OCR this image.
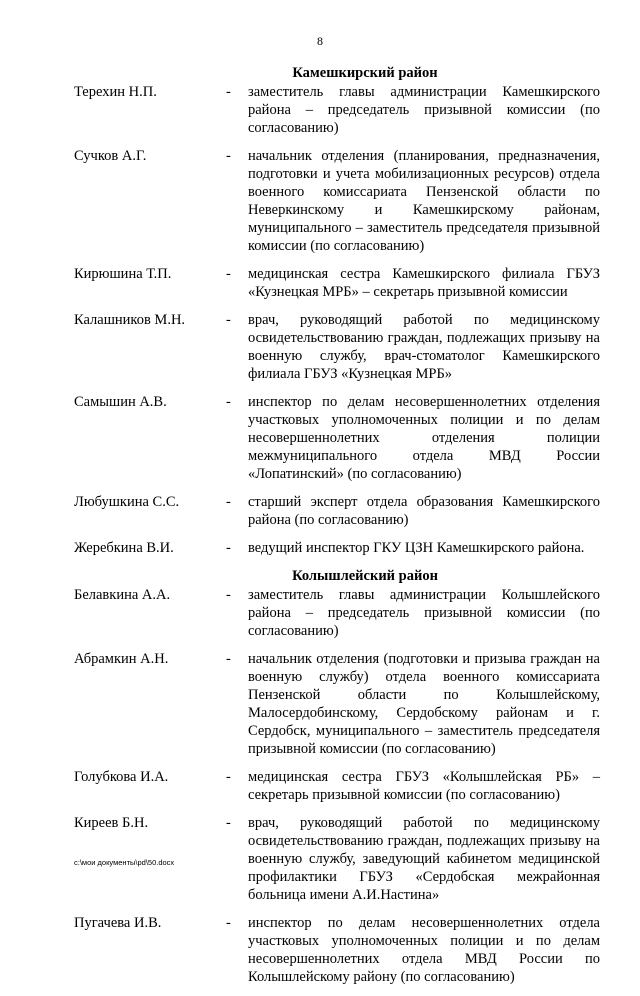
8
Камешкирский район
Терехин Н.П.	-	заместитель главы администрации Камешкирского района – председатель призывной комиссии (по согласованию)
Сучков А.Г.	-	начальник отделения (планирования, предназначения, подготовки и учета мобилизационных ресурсов) отдела военного комиссариата Пензенской области по Неверкинскому и Камешкирскому районам, муниципального – заместитель председателя призывной комиссии (по согласованию)
Кирюшина Т.П.	-	медицинская сестра Камешкирского филиала ГБУЗ «Кузнецкая МРБ» – секретарь призывной комиссии
Калашников М.Н.	-	врач, руководящий работой по медицинскому освидетельствованию граждан, подлежащих призыву на военную службу, врач-стоматолог Камешкирского филиала ГБУЗ «Кузнецкая МРБ»
Самышин А.В.	-	инспектор по делам несовершеннолетних отделения участковых уполномоченных полиции и по делам несовершеннолетних отделения полиции межмуниципального отдела МВД России «Лопатинский» (по согласованию)
Любушкина С.С.	-	старший эксперт отдела образования Камешкирского района (по согласованию)
Жеребкина В.И.	-	ведущий инспектор ГКУ ЦЗН Камешкирского района.
Колышлейский район
Белавкина А.А.	-	заместитель главы администрации Колышлейского района – председатель призывной комиссии (по согласованию)
Абрамкин А.Н.	-	начальник отделения (подготовки и призыва граждан на военную службу) отдела военного комиссариата Пензенской области по Колышлейскому, Малосердобинскому, Сердобскому районам и г. Сердобск, муниципального – заместитель председателя призывной комиссии (по согласованию)
Голубкова И.А.	-	медицинская сестра ГБУЗ «Колышлейская РБ» – секретарь призывной комиссии (по согласованию)
Киреев Б.Н.	-	врач, руководящий работой по медицинскому освидетельствованию граждан, подлежащих призыву на военную службу, заведующий кабинетом медицинской профилактики ГБУЗ «Сердобская межрайонная больница имени А.И.Настина»
Пугачева И.В.	-	инспектор по делам несовершеннолетних отдела участковых уполномоченных полиции и по делам несовершеннолетних отдела МВД России по Колышлейскому району (по согласованию)
c:\мои документы\pd\50.docx
